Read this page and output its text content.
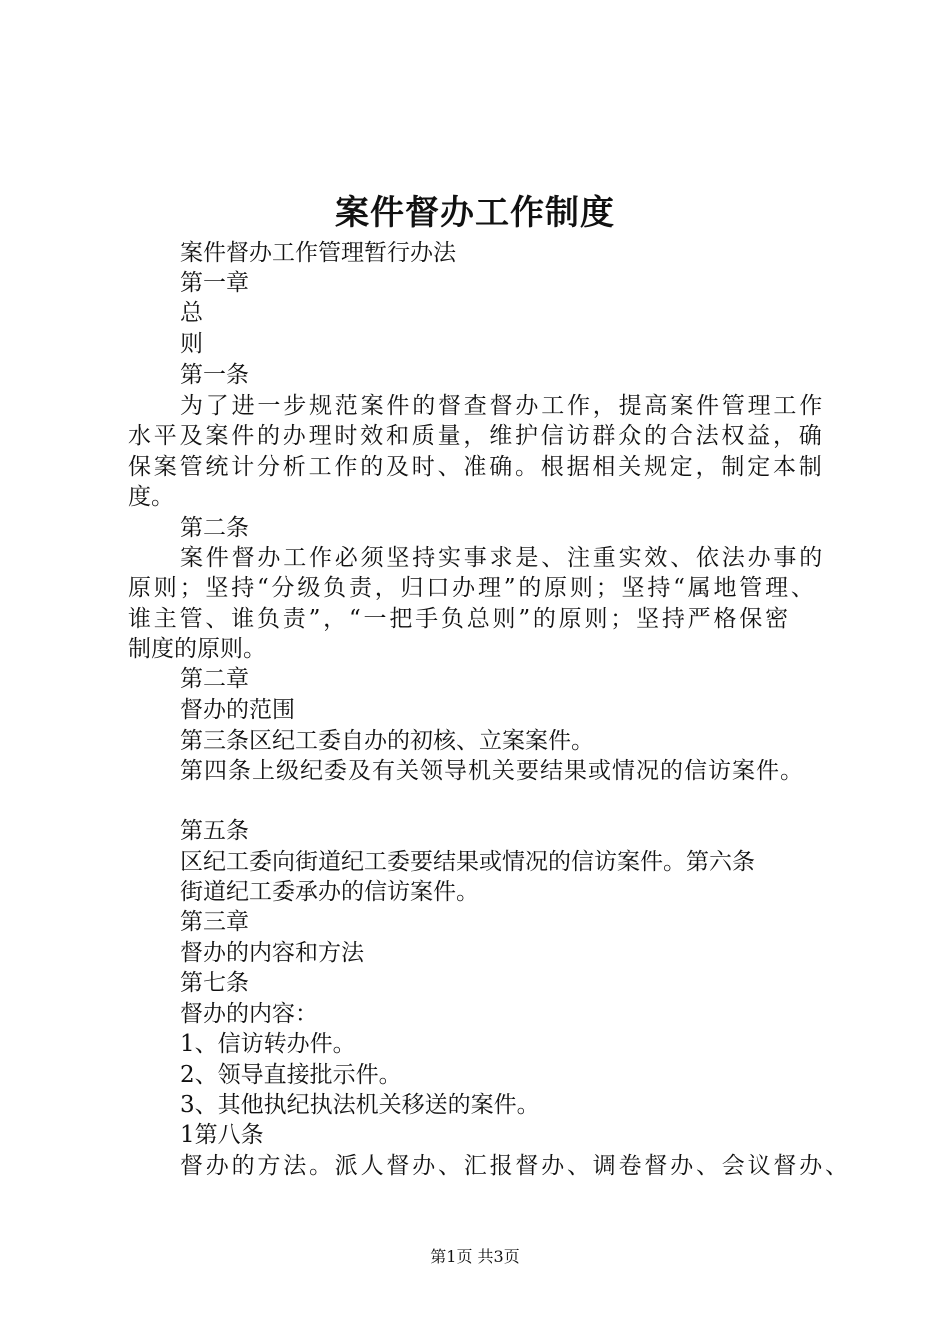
案件督办工作制度

案件督办工作管理暂行办法

第一章

总

则

第一条

为了进一步规范案件的督查督办工作，提高案件管理工作

水平及案件的办理时效和质量，维护信访群众的合法权益，确

保案管统计分析工作的及时、准确。根据相关规定，制定本制

度。

第二条

案件督办工作必须坚持实事求是、注重实效、依法办事的

原则；坚持“分级负责，归口办理”的原则；坚持“属地管理、

谁主管、谁负责”，“一把手负总则”的原则；坚持严格保密

制度的原则。

第二章

督办的范围

第三条区纪工委自办的初核、立案案件。

第四条上级纪委及有关领导机关要结果或情况的信访案件。

第五条

区纪工委向街道纪工委要结果或情况的信访案件。第六条

街道纪工委承办的信访案件。

第三章

督办的内容和方法

第七条

督办的内容：

1、信访转办件。

2、领导直接批示件。

3、其他执纪执法机关移送的案件。

1第八条

督办的方法。派人督办、汇报督办、调卷督办、会议督办、

第1页 共3页
